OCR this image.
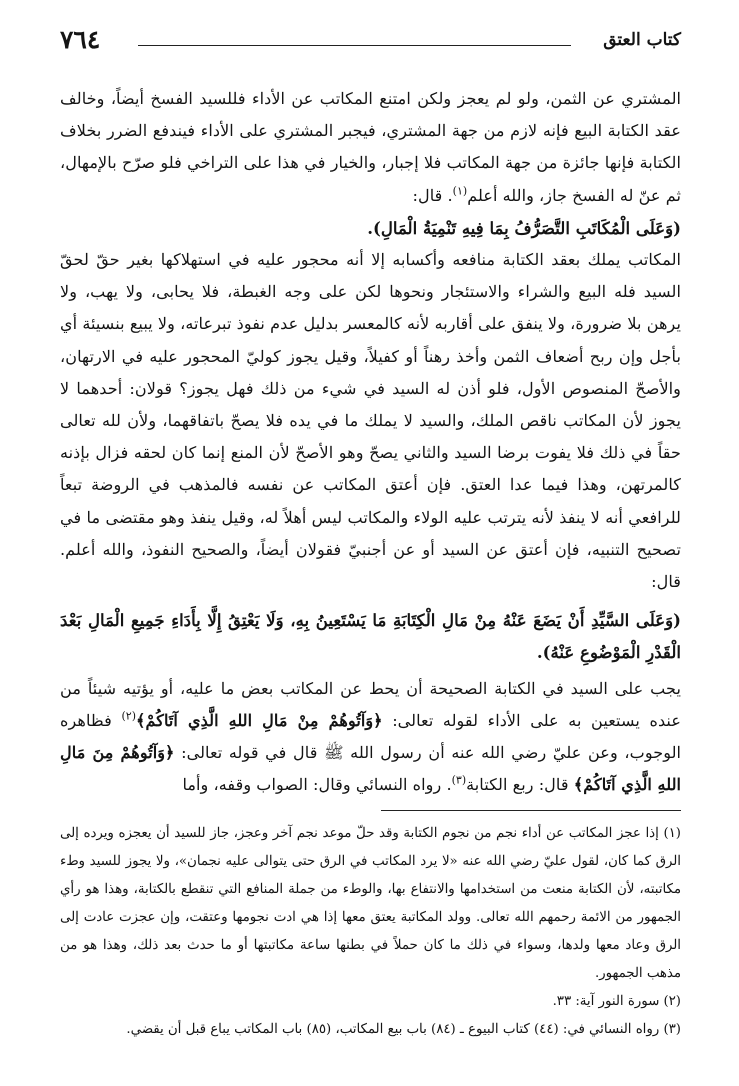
٧٦٤	كتاب العتق

المشتري عن الثمن، ولو لم يعجز ولكن امتنع المكاتب عن الأداء فللسيد الفسخ أيضاً، وخالف عقد الكتابة البيع فإنه لازم من جهة المشتري، فيجبر المشتري على الأداء فيندفع الضرر بخلاف الكتابة فإنها جائزة من جهة المكاتب فلا إجبار، والخيار في هذا على التراخي فلو صرّح بالإمهال، ثم عنّ له الفسخ جاز، والله أعلم$^{(١)}$. قال:

(وَعَلَى الْمُكَاتَبِ التَّصَرُّفُ بِمَا فِيهِ تَنْمِيَةُ الْمَالِ).

المكاتب يملك بعقد الكتابة منافعه وأكسابه إلا أنه محجور عليه في استهلاكها بغير حقّ لحقّ السيد فله البيع والشراء والاستئجار ونحوها لكن على وجه الغبطة، فلا يحابى، ولا يهب، ولا يرهن بلا ضرورة، ولا ينفق على أقاربه لأنه كالمعسر بدليل عدم نفوذ تبرعاته، ولا يبيع بنسيئة أي بأجل وإن ربح أضعاف الثمن وأخذ رهناً أو كفيلاً، وقيل يجوز كوليّ المحجور عليه في الارتهان، والأصحّ المنصوص الأول، فلو أذن له السيد في شيء من ذلك فهل يجوز؟ قولان: أحدهما لا يجوز لأن المكاتب ناقص الملك، والسيد لا يملك ما في يده فلا يصحّ باتفاقهما، ولأن لله تعالى حقاً في ذلك فلا يفوت برضا السيد والثاني يصحّ وهو الأصحّ لأن المنع إنما كان لحقه فزال بإذنه كالمرتهن، وهذا فيما عدا العتق. فإن أعتق المكاتب عن نفسه فالمذهب في الروضة تبعاً للرافعي أنه لا ينفذ لأنه يترتب عليه الولاء والمكاتب ليس أهلاً له، وقيل ينفذ وهو مقتضى ما في تصحيح التنبيه، فإن أعتق عن السيد أو عن أجنبيّ فقولان أيضاً، والصحيح النفوذ، والله أعلم. قال:

(وَعَلَى السَّيِّدِ أَنْ يَضَعَ عَنْهُ مِنْ مَالِ الْكِتَابَةِ مَا يَسْتَعِينُ بِهِ، وَلَا يَعْتِقُ إِلَّا بِأَدَاءِ جَمِيعِ الْمَالِ بَعْدَ الْقَدْرِ الْمَوْضُوعِ عَنْهُ).

يجب على السيد في الكتابة الصحيحة أن يحط عن المكاتب بعض ما عليه، أو يؤتيه شيئاً من عنده يستعين به على الأداء لقوله تعالى: ﴿وَآتُوهُمْ مِنْ مَالِ اللهِ الَّذِي آتَاكُمْ﴾$^{(٢)}$ فظاهره الوجوب، وعن عليّ رضي الله عنه أن رسول الله ﷺ قال في قوله تعالى: ﴿وَآتُوهُمْ مِنَ مَالِ اللهِ الَّذِي آتَاكُمْ﴾ قال: ربع الكتابة$^{(٣)}$. رواه النسائي وقال: الصواب وقفه، وأما

(١) إذا عجز المكاتب عن أداء نجم من نجوم الكتابة وقد حلّ موعد نجم آخر وعجز، جاز للسيد أن يعجزه ويرده إلى الرق كما كان، لقول عليّ رضي الله عنه «لا يرد المكاتب في الرق حتى يتوالى عليه نجمان»، ولا يجوز للسيد وطء مكاتبته، لأن الكتابة منعت من استخدامها والانتفاع بها، والوطء من جملة المنافع التي تنقطع بالكتابة، وهذا هو رأي الجمهور من الائمة رحمهم الله تعالى. وولد المكاتبة يعتق معها إذا هي ادت نجومها وعتقت، وإن عجزت عادت إلى الرق وعاد معها ولدها، وسواء في ذلك ما كان حملاً في بطنها ساعة مكاتبتها أو ما حدث بعد ذلك، وهذا هو من مذهب الجمهور.

(٢) سورة النور آية: ٣٣.

(٣) رواه النسائي في: (٤٤) كتاب البيوع ـ (٨٤) باب بيع المكاتب، (٨٥) باب المكاتب يباع قبل أن يقضي.
